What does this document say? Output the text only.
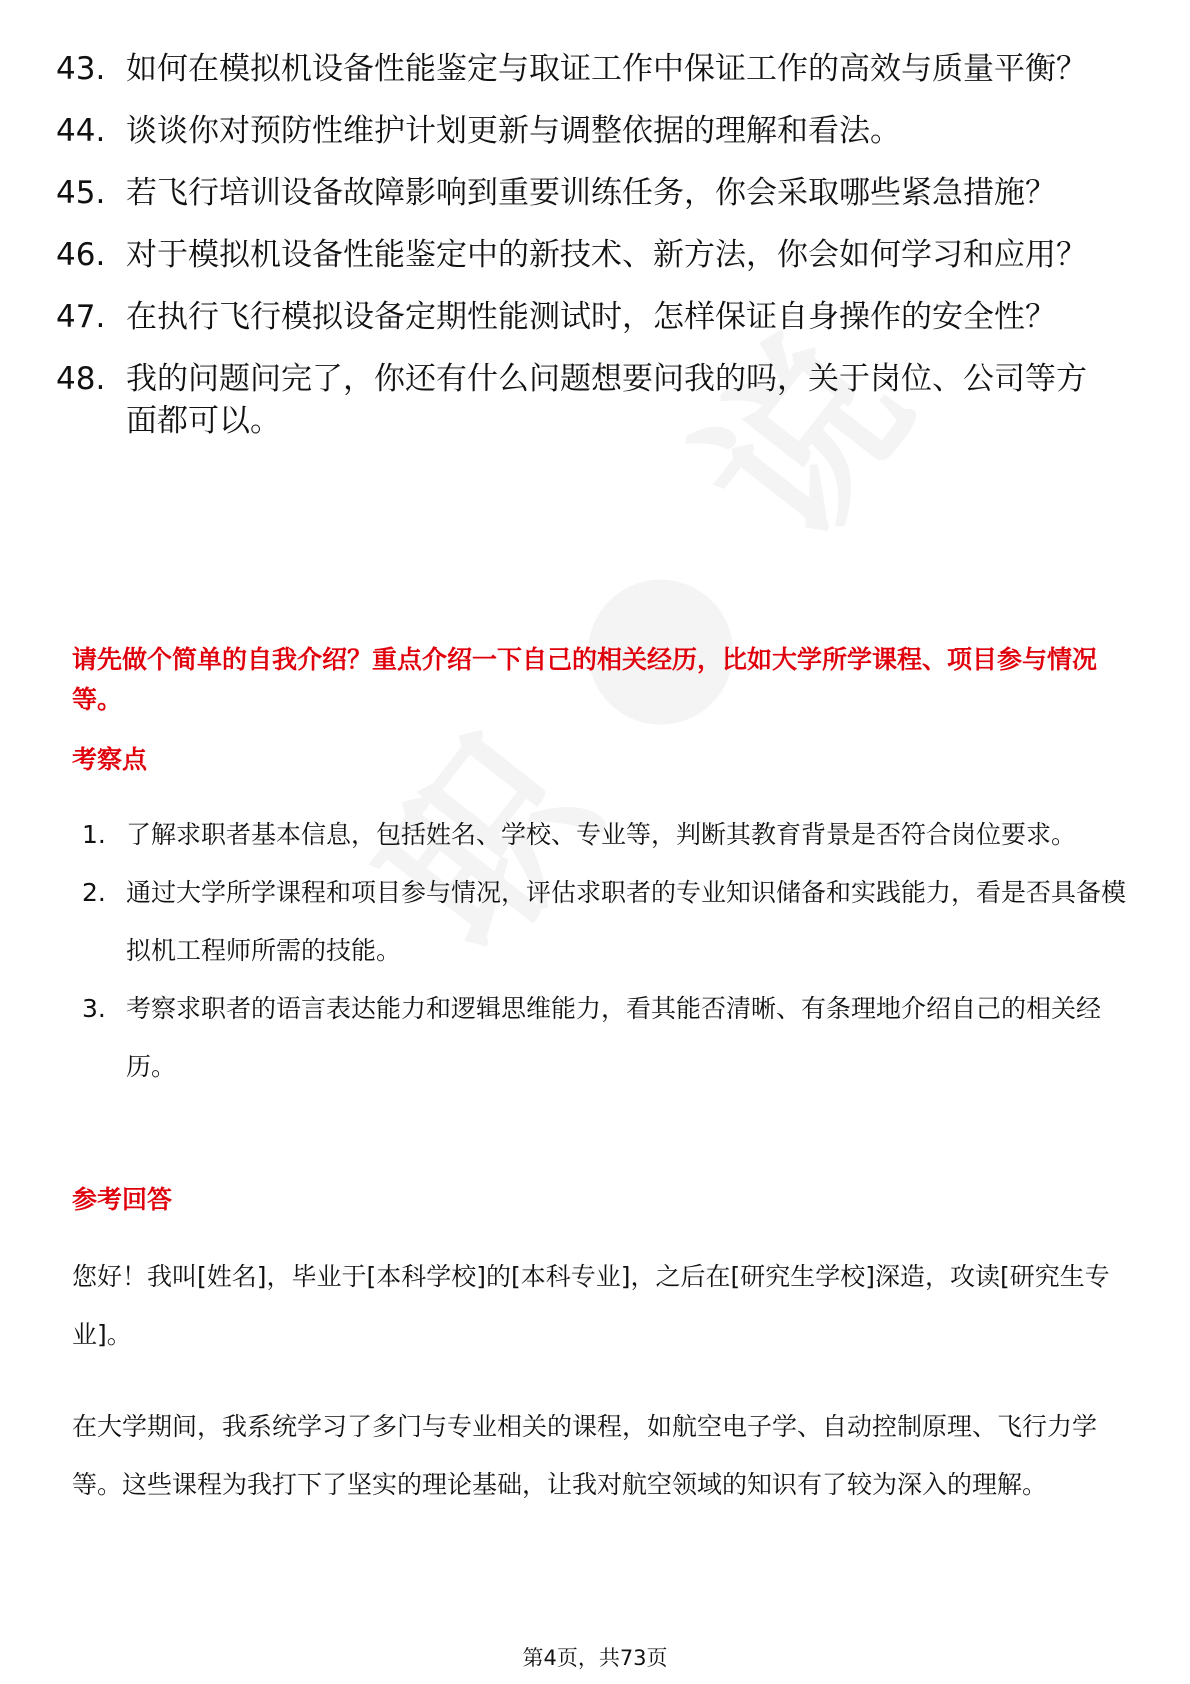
43. 如何在模拟机设备性能鉴定与取证工作中保证工作的高效与质量平衡？
44. 谈谈你对预防性维护计划更新与调整依据的理解和看法。
45. 若飞行培训设备故障影响到重要训练任务，你会采取哪些紧急措施？
46. 对于模拟机设备性能鉴定中的新技术、新方法，你会如何学习和应用？
47. 在执行飞行模拟设备定期性能测试时，怎样保证自身操作的安全性？
48. 我的问题问完了，你还有什么问题想要问我的吗，关于岗位、公司等方面都可以。
请先做个简单的自我介绍？重点介绍一下自己的相关经历，比如大学所学课程、项目参与情况等。
考察点
1. 了解求职者基本信息，包括姓名、学校、专业等，判断其教育背景是否符合岗位要求。
2. 通过大学所学课程和项目参与情况，评估求职者的专业知识储备和实践能力，看是否具备模拟机工程师所需的技能。
3. 考察求职者的语言表达能力和逻辑思维能力，看其能否清晰、有条理地介绍自己的相关经历。
参考回答
您好！我叫[姓名]，毕业于[本科学校]的[本科专业]，之后在[研究生学校]深造，攻读[研究生专业]。
在大学期间，我系统学习了多门与专业相关的课程，如航空电子学、自动控制原理、飞行力学等。这些课程为我打下了坚实的理论基础，让我对航空领域的知识有了较为深入的理解。
第4页，共73页
